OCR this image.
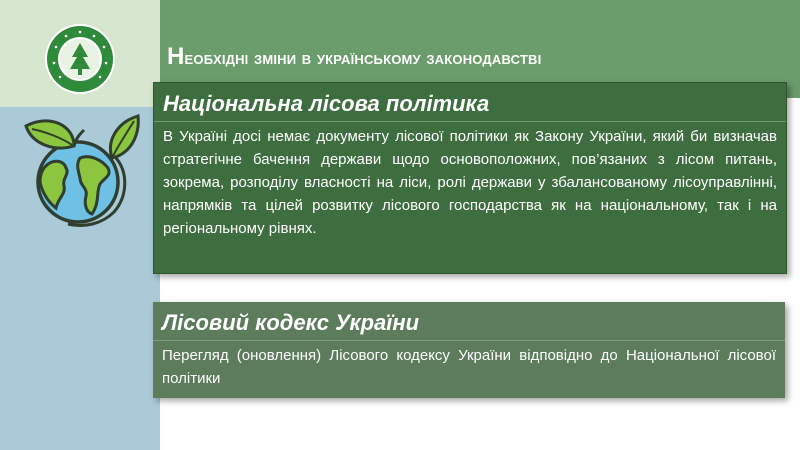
Необхідні зміни в українському законодавстві
Національна лісова політика
В Україні досі немає документу лісової політики як Закону України, який би визначав стратегічне бачення держави щодо основоположних, пов’язаних з лісом питань, зокрема, розподілу власності на ліси, ролі держави у збалансованому лісоуправлінні, напрямків та цілей розвитку лісового господарства як на національному, так і на регіональному рівнях.
Лісовий кодекс України
Перегляд (оновлення) Лісового кодексу України відповідно до Національної лісової політики
